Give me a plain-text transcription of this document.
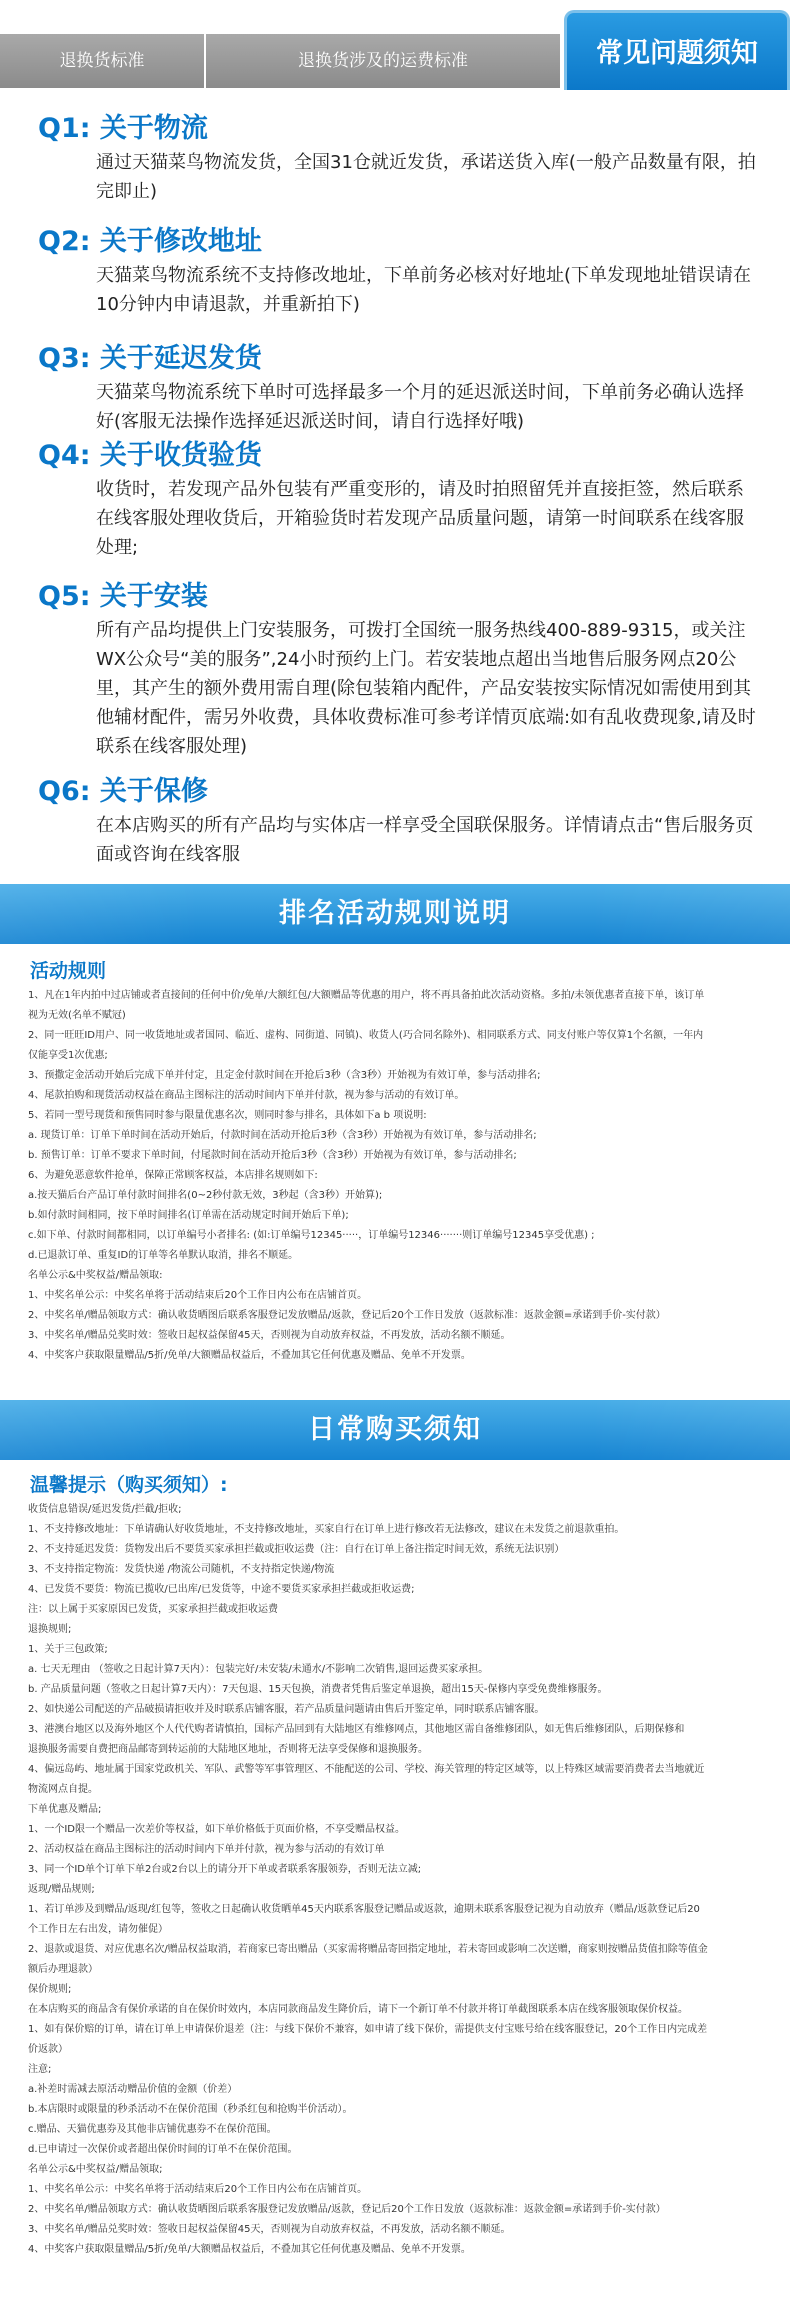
退换货标准	退换货涉及的运费标准	常见问题须知

Q1: 关于物流

通过天猫菜鸟物流发货，全国31仓就近发货，承诺送货入库(一般产品数量有限，拍完即止)

Q2: 关于修改地址

天猫菜鸟物流系统不支持修改地址，下单前务必核对好地址(下单发现地址错误请在10分钟内申请退款，并重新拍下)

Q3: 关于延迟发货

天猫菜鸟物流系统下单时可选择最多一个月的延迟派送时间，下单前务必确认选择好(客服无法操作选择延迟派送时间，请自行选择好哦)

Q4: 关于收货验货

收货时，若发现产品外包装有严重变形的，请及时拍照留凭并直接拒签，然后联系在线客服处理收货后，开箱验货时若发现产品质量问题，请第一时间联系在线客服处理;

Q5: 关于安装

所有产品均提供上门安装服务，可拨打全国统一服务热线400-889-9315，或关注WX公众号“美的服务”,24小时预约上门。若安装地点超出当地售后服务网点20公里，其产生的额外费用需自理(除包装箱内配件，产品安装按实际情况如需使用到其他辅材配件，需另外收费，具体收费标准可参考详情页底端:如有乱收费现象,请及时联系在线客服处理)

Q6: 关于保修

在本店购买的所有产品均与实体店一样享受全国联保服务。详情请点击“售后服务页面或咨询在线客服

排名活动规则说明
活动规则

1、凡在1年内拍中过店铺或者直接间的任何中价/免单/大额红包/大额赠品等优惠的用户，将不再具备拍此次活动资格。多拍/未领优惠者直接下单，该订单

视为无效(名单不赋冠)

2、同一旺旺ID用户、同一收货地址或者国同、临近、虚构、同街道、同镇)、收货人(巧合同名除外)、相同联系方式、同支付账户等仅算1个名额，一年内

仅能享受1次优惠;

3、预撒定金活动开始后完成下单并付定，且定金付款时间在开抢后3秒（含3秒）开始视为有效订单，参与活动排名;

4、尾款拍购和现货活动权益在商品主图标注的活动时间内下单并付款，视为参与活动的有效订单。

5、若同一型号现货和预售同时参与限量优惠名次，则同时参与排名，具体如下a b 项说明:

a. 现货订单：订单下单时间在活动开始后，付款时间在活动开抢后3秒（含3秒）开始视为有效订单，参与活动排名;

b. 预售订单：订单不要求下单时间，付尾款时间在活动开抢后3秒（含3秒）开始视为有效订单，参与活动排名;

6、为避免恶意软件抢单，保障正常顾客权益，本店排名规则如下:

a.按天猫后台产品订单付款时间排名(0~2秒付款无效，3秒起（含3秒）开始算);

b.如付款时间相同，按下单时间排名(订单需在活动规定时间开始后下单);

c.如下单、付款时间都相同，以订单编号小者排名: (如:订单编号12345·····，订单编号12346·······则订单编号12345享受优惠) ;

d.已退款订单、重复ID的订单等名单默认取消，排名不顺延。

名单公示&中奖权益/赠品领取:

1、中奖名单公示：中奖名单将于活动结束后20个工作日内公布在店铺首页。

2、中奖名单/赠品领取方式：确认收货晒图后联系客服登记发放赠品/返款，登记后20个工作日发放（返款标准：返款金额=承诺到手价-实付款）

3、中奖名单/赠品兑奖时效：签收日起权益保留45天，否则视为自动放弃权益，不再发放，活动名额不顺延。

4、中奖客户获取限量赠品/5折/免单/大额赠品权益后，不叠加其它任何优惠及赠品、免单不开发票。

日常购买须知
温馨提示（购买须知）:

收货信息错误/延迟发货/拦截/拒收;

1、不支持修改地址：下单请确认好收货地址，不支持修改地址，买家自行在订单上进行修改若无法修改，建议在未发货之前退款重拍。

2、不支持延迟发货：货物发出后不要货买家承担拦截或拒收运费（注：自行在订单上备注指定时间无效，系统无法识别）

3、不支持指定物流：发货快递 /物流公司随机，不支持指定快递/物流

4、已发货不要货：物流已揽收/已出库/已发货等，中途不要货买家承担拦截或拒收运费;

注：以上属于买家原因已发货，买家承担拦截或拒收运费

退换规则;

1、关于三包政策;

a. 七天无理由 （签收之日起计算7天内）：包装完好/未安装/未通水/不影响二次销售,退回运费买家承担。

b. 产品质量问题（签收之日起计算7天内）：7天包退、15天包换，消费者凭售后鉴定单退换，超出15天-保修内享受免费维修服务。

2、如快递公司配送的产品破损请拒收并及时联系店铺客服，若产品质量问题请由售后开鉴定单，同时联系店铺客服。

3、港澳台地区以及海外地区个人代代购者请慎拍，国标产品回到有大陆地区有维修网点，其他地区需自备维修团队，如无售后维修团队，后期保修和

退换服务需要自费把商品邮寄到转运前的大陆地区地址，否则将无法享受保修和退换服务。

4、偏远岛屿、地址属于国家党政机关、军队、武警等军事管理区、不能配送的公司、学校、海关管理的特定区域等，以上特殊区域需要消费者去当地就近

物流网点自提。

下单优惠及赠品;

1、一个ID限一个赠品一次差价等权益，如下单价格低于页面价格，不享受赠品权益。

2、活动权益在商品主图标注的活动时间内下单并付款，视为参与活动的有效订单

3、同一个ID单个订单下单2台或2台以上的请分开下单或者联系客服领券，否则无法立减;

返现/赠品规则;

1、若订单涉及到赠品/返现/红包等，签收之日起确认收货晒单45天内联系客服登记赠品或返款，逾期未联系客服登记视为自动放弃（赠品/返款登记后20

个工作日左右出发，请勿催促）

2、退款或退货、对应优惠名次/赠品权益取消，若商家已寄出赠品（买家需将赠品寄回指定地址，若未寄回或影响二次送赠，商家则按赠品货值扣除等值金

额后办理退款）

保价规则;

在本店购买的商品含有保价承诺的自在保价时效内，本店同款商品发生降价后，请下一个新订单不付款并将订单截图联系本店在线客服领取保价权益。

1、如有保价赔的订单，请在订单上申请保价退差（注：与线下保价不兼容，如申请了线下保价，需提供支付宝账号给在线客服登记，20个工作日内完成差

价返款）

注意;

a.补差时需减去原活动赠品价值的金额（价差）

b.本店限时或限量的秒杀活动不在保价范围（秒杀红包和抢购半价活动）。

c.赠品、天猫优惠券及其他非店铺优惠券不在保价范围。

d.已申请过一次保价或者超出保价时间的订单不在保价范围。

名单公示&中奖权益/赠品领取;

1、中奖名单公示：中奖名单将于活动结束后20个工作日内公布在店铺首页。

2、中奖名单/赠品领取方式：确认收货晒图后联系客服登记发放赠品/返款，登记后20个工作日发放（返款标准：返款金额=承诺到手价-实付款）

3、中奖名单/赠品兑奖时效：签收日起权益保留45天，否则视为自动放弃权益，不再发放，活动名额不顺延。

4、中奖客户获取限量赠品/5折/免单/大额赠品权益后，不叠加其它任何优惠及赠品、免单不开发票。
